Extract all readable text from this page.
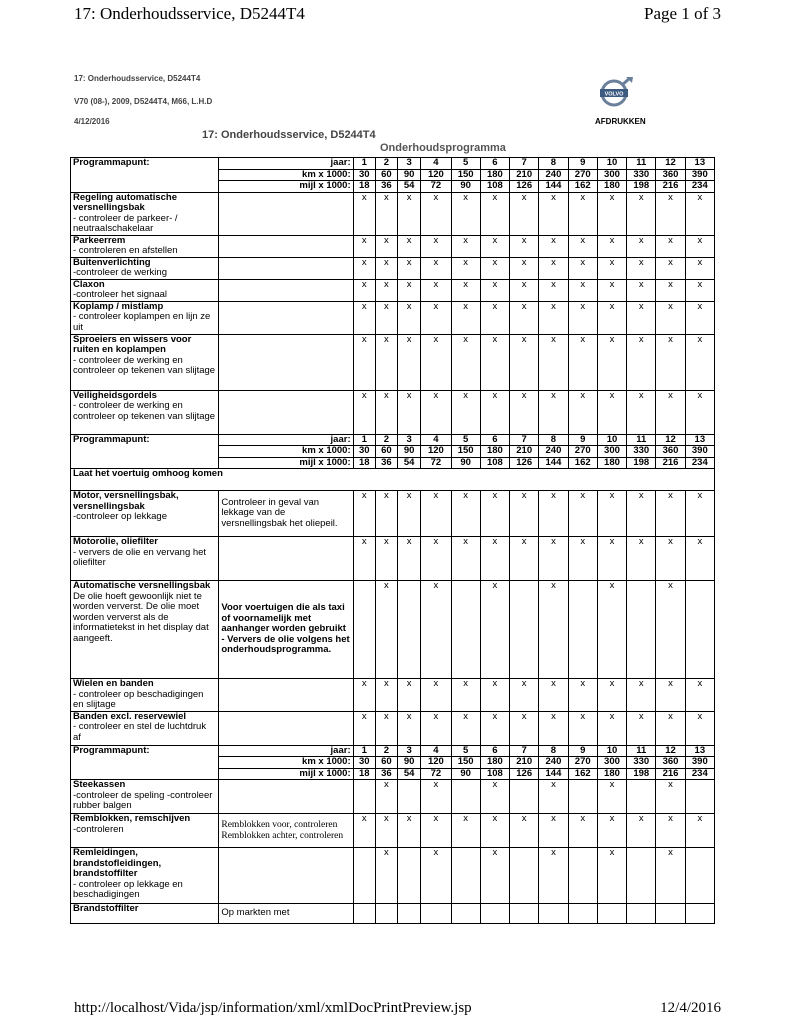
17: Onderhoudsservice, D5244T4	Page 1 of 3
17: Onderhoudsservice, D5244T4
V70 (08-), 2009, D5244T4, M66, L.H.D
4/12/2016
VOLVO
AFDRUKKEN
17: Onderhoudsservice, D5244T4
Onderhoudsprogramma
Programmapunt:	jaar:	1	2	3	4	5	6	7	8	9	10	11	12	13
	km x 1000:	30	60	90	120	150	180	210	240	270	300	330	360	390
	mijl x 1000:	18	36	54	72	90	108	126	144	162	180	198	216	234

Regeling automatische versnellingsbak
- controleer de parkeer- / neutraalschakelaar		x	x	x	x	x	x	x	x	x	x	x	x	x

Parkeerrem
- controleren en afstellen		x	x	x	x	x	x	x	x	x	x	x	x	x

Buitenverlichting
-controleer de werking		x	x	x	x	x	x	x	x	x	x	x	x	x

Claxon
-controleer het signaal		x	x	x	x	x	x	x	x	x	x	x	x	x

Koplamp / mistlamp
- controleer koplampen en lijn ze uit		x	x	x	x	x	x	x	x	x	x	x	x	x

Sproeiers en wissers voor ruiten en koplampen
- controleer de werking en controleer op tekenen van slijtage		x	x	x	x	x	x	x	x	x	x	x	x	x

Veiligheidsgordels
- controleer de werking en controleer op tekenen van slijtage		x	x	x	x	x	x	x	x	x	x	x	x	x
Programmapunt:	jaar:	1	2	3	4	5	6	7	8	9	10	11	12	13
	km x 1000:	30	60	90	120	150	180	210	240	270	300	330	360	390
	mijl x 1000:	18	36	54	72	90	108	126	144	162	180	198	216	234

Laat het voertuig omhoog komen														

Motor, versnellingsbak, versnellingsbak
-controleer op lekkage	Controleer in geval van lekkage van de versnellingsbak het oliepeil.	x	x	x	x	x	x	x	x	x	x	x	x	x

Motorolie, oliefilter
- ververs de olie en vervang het oliefilter		x	x	x	x	x	x	x	x	x	x	x	x	x

Automatische versnellingsbak
De olie hoeft gewoonlijk niet te worden ververst. De olie moet worden ververst als de informatietekst in het display dat aangeeft.	Voor voertuigen die als taxi of voornamelijk met aanhanger worden gebruikt - Ververs de olie volgens het onderhoudsprogramma.		x		x		x		x		x		x	

Wielen en banden
- controleer op beschadigingen en slijtage		x	x	x	x	x	x	x	x	x	x	x	x	x

Banden excl. reservewiel
- controleer en stel de luchtdruk af		x	x	x	x	x	x	x	x	x	x	x	x	x
Programmapunt:	jaar:	1	2	3	4	5	6	7	8	9	10	11	12	13
	km x 1000:	30	60	90	120	150	180	210	240	270	300	330	360	390
	mijl x 1000:	18	36	54	72	90	108	126	144	162	180	198	216	234

Steekassen
-controleer de speling -controleer rubber balgen			x		x		x		x		x		x	

Remblokken, remschijven
-controleren	Remblokken voor, controleren Remblokken achter, controleren	x	x	x	x	x	x	x	x	x	x	x	x	x

Remleidingen, brandstofleidingen, brandstoffilter
- controleer op lekkage en beschadigingen			x		x		x		x		x		x	

Brandstoffilter	Op markten met													
http://localhost/Vida/jsp/information/xml/xmlDocPrintPreview.jsp	12/4/2016
